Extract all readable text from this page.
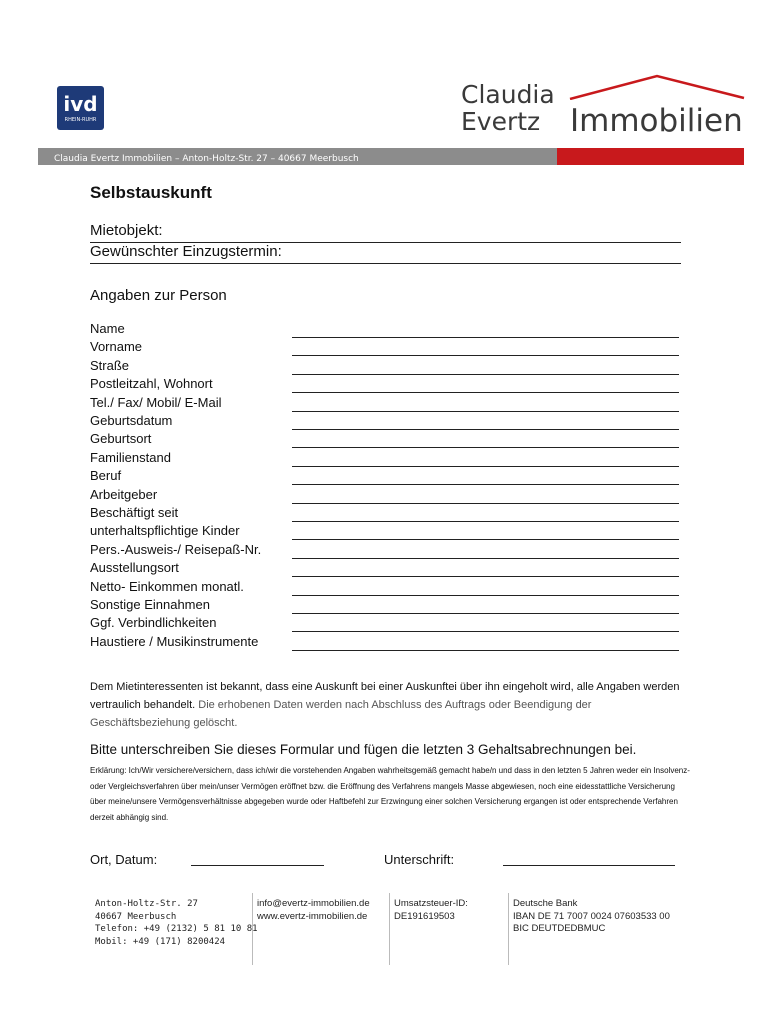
ivd
RHEIN-RUHR
Claudia
Evertz Immobilien
Claudia Evertz Immobilien – Anton-Holtz-Str. 27 – 40667 Meerbusch
Selbstauskunft
Mietobjekt:
Gewünschter Einzugstermin:
Angaben zur Person
Name
Vorname
Straße
Postleitzahl, Wohnort
Tel./ Fax/ Mobil/ E-Mail
Geburtsdatum
Geburtsort
Familienstand
Beruf
Arbeitgeber
Beschäftigt seit
unterhaltspflichtige Kinder
Pers.-Ausweis-/ Reisepaß-Nr.
Ausstellungsort
Netto- Einkommen monatl.
Sonstige Einnahmen
Ggf. Verbindlichkeiten
Haustiere / Musikinstrumente
Dem Mietinteressenten ist bekannt, dass eine Auskunft bei einer Auskunftei über ihn eingeholt wird, alle Angaben werden vertraulich behandelt. Die erhobenen Daten werden nach Abschluss des Auftrags oder Beendigung der Geschäftsbeziehung gelöscht.
Bitte unterschreiben Sie dieses Formular und fügen die letzten 3 Gehaltsabrechnungen bei.
Erklärung: Ich/Wir versichere/versichern, dass ich/wir die vorstehenden Angaben wahrheitsgemäß gemacht habe/n und dass in den letzten 5 Jahren weder ein Insolvenz- oder Vergleichsverfahren über mein/unser Vermögen eröffnet bzw. die Eröffnung des Verfahrens mangels Masse abgewiesen, noch eine eidesstattliche Versicherung über meine/unsere Vermögensverhältnisse abgegeben wurde oder Haftbefehl zur Erzwingung einer solchen Versicherung ergangen ist oder entsprechende Verfahren derzeit abhängig sind.
Ort, Datum:	Unterschrift:
Anton-Holtz-Str. 27
40667 Meerbusch
Telefon: +49 (2132) 5 81 10 81
Mobil: +49 (171) 8200424
info@evertz-immobilien.de
www.evertz-immobilien.de
Umsatzsteuer-ID:
DE191619503
Deutsche Bank
IBAN DE 71 7007 0024 07603533 00
BIC DEUTDEDBMUC
